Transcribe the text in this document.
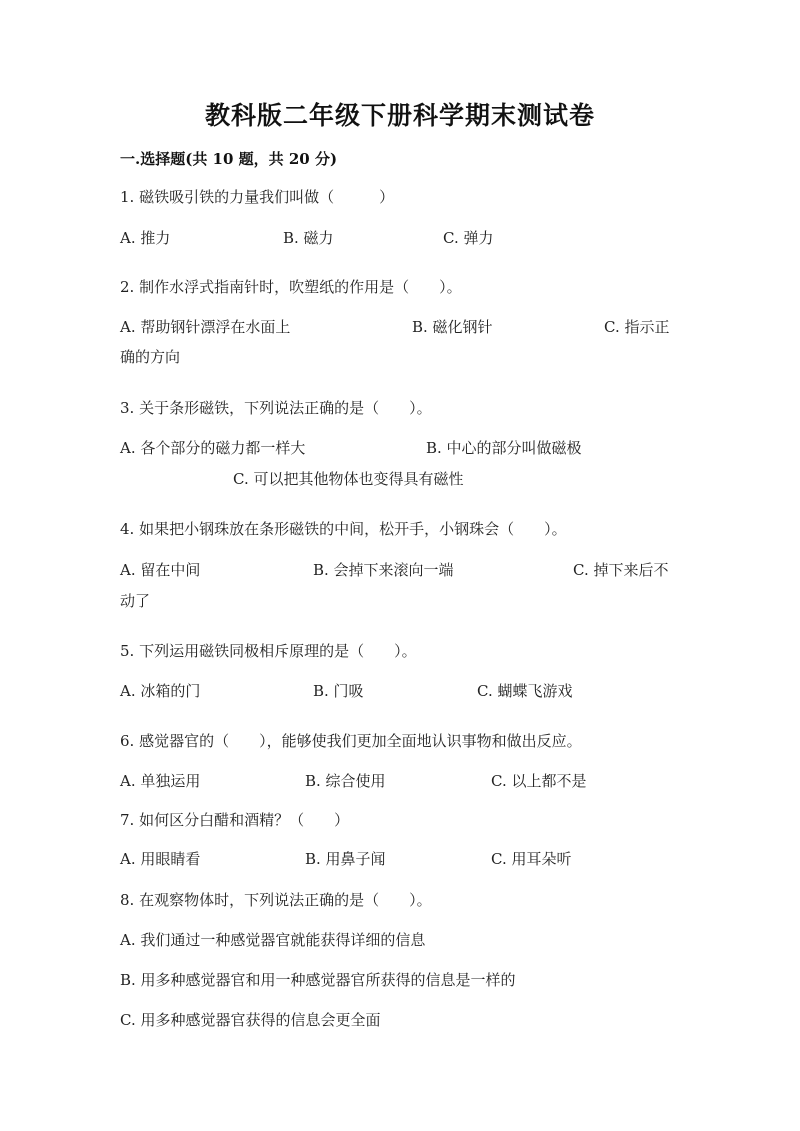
教科版二年级下册科学期末测试卷
一.选择题(共 10 题，共 20 分)
1. 磁铁吸引铁的力量我们叫做（　　　）
A. 推力	B. 磁力	C. 弹力
2. 制作水浮式指南针时，吹塑纸的作用是（　　）。
A. 帮助钢针漂浮在水面上	B. 磁化钢针	C. 指示正
确的方向
3. 关于条形磁铁，下列说法正确的是（　　）。
A. 各个部分的磁力都一样大	B. 中心的部分叫做磁极
C. 可以把其他物体也变得具有磁性
4. 如果把小钢珠放在条形磁铁的中间，松开手，小钢珠会（　　）。
A. 留在中间	B. 会掉下来滚向一端	C. 掉下来后不
动了
5. 下列运用磁铁同极相斥原理的是（　　）。
A. 冰箱的门	B. 门吸	C. 蝴蝶飞游戏
6. 感觉器官的（　　），能够使我们更加全面地认识事物和做出反应。
A. 单独运用	B. 综合使用	C. 以上都不是
7. 如何区分白醋和酒精？（　　）
A. 用眼睛看	B. 用鼻子闻	C. 用耳朵听
8. 在观察物体时，下列说法正确的是（　　）。
A. 我们通过一种感觉器官就能获得详细的信息
B. 用多种感觉器官和用一种感觉器官所获得的信息是一样的
C. 用多种感觉器官获得的信息会更全面
